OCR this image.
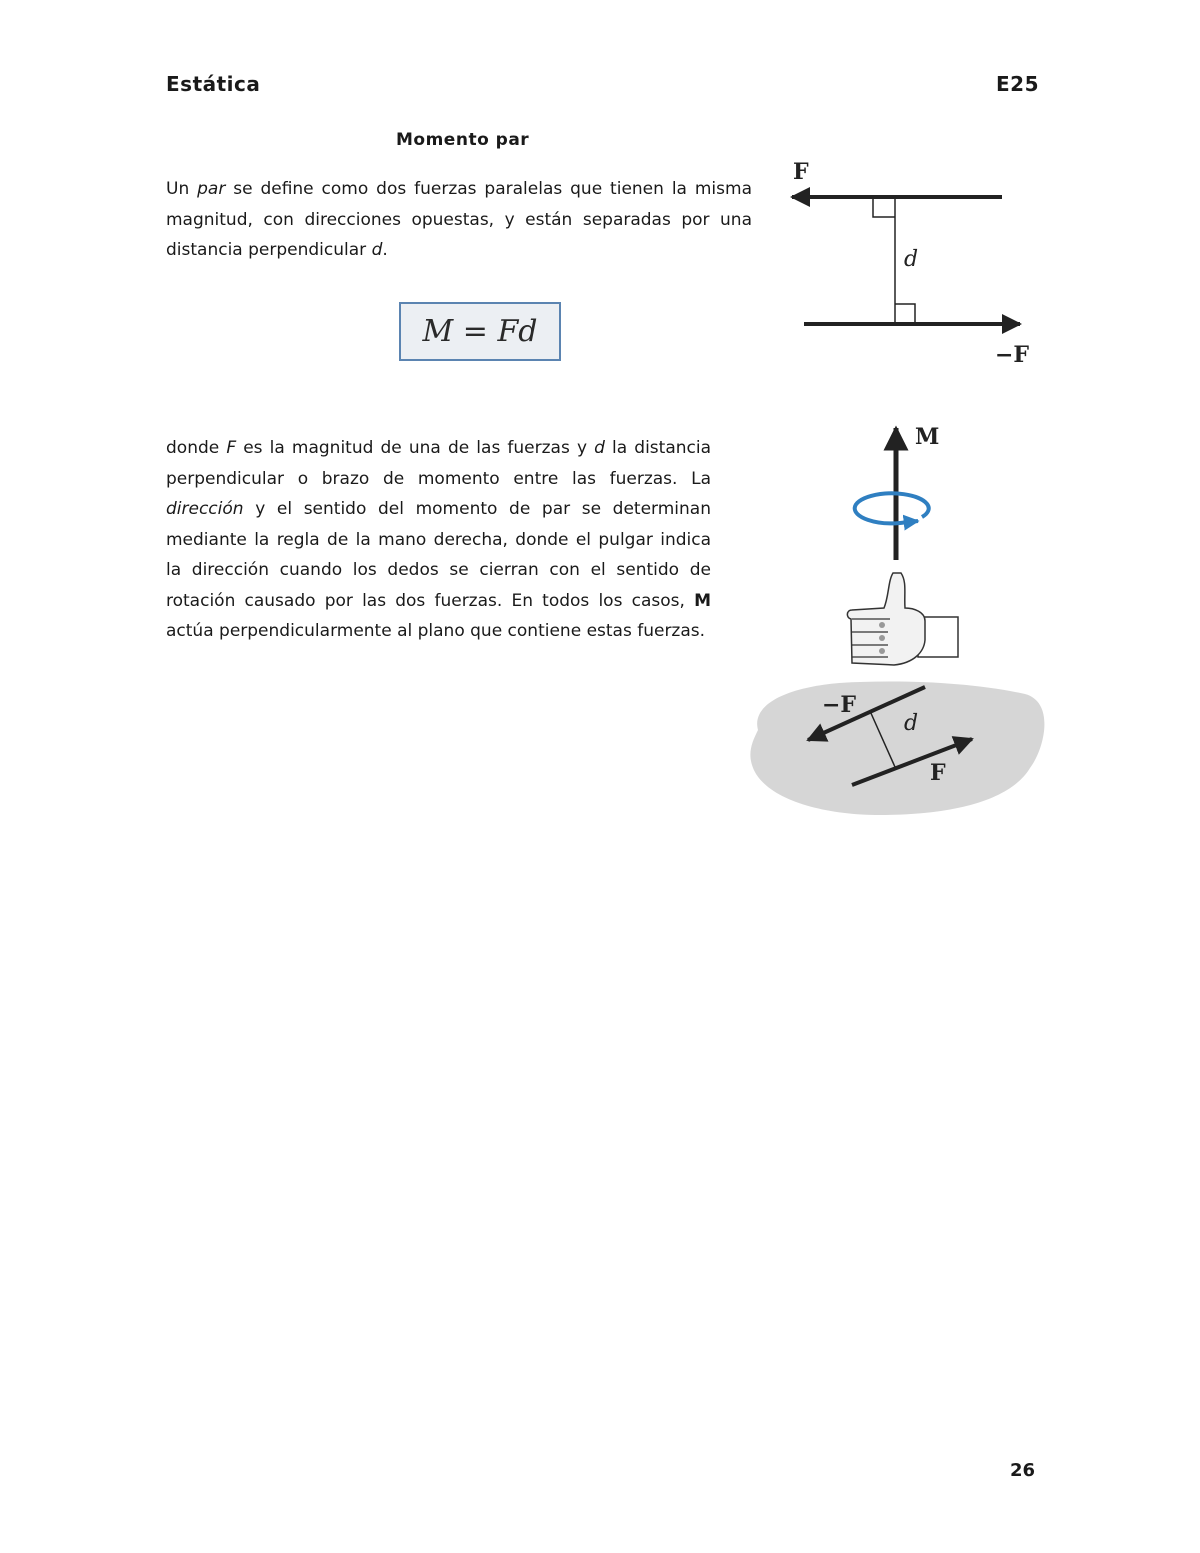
Estática	E25
Momento par
Un par se define como dos fuerzas paralelas que tienen la misma magnitud, con direcciones opuestas, y están separadas por una distancia perpendicular d.
M = Fd
donde F es la magnitud de una de las fuerzas y d la distancia perpendicular o brazo de momento entre las fuerzas. La dirección y el sentido del momento de par se determinan mediante la regla de la mano derecha, donde el pulgar indica la dirección cuando los dedos se cierran con el sentido de rotación causado por las dos fuerzas. En todos los casos, M actúa perpendicularmente al plano que contiene estas fuerzas.
F
d
−F
M
−F
d
F
26
